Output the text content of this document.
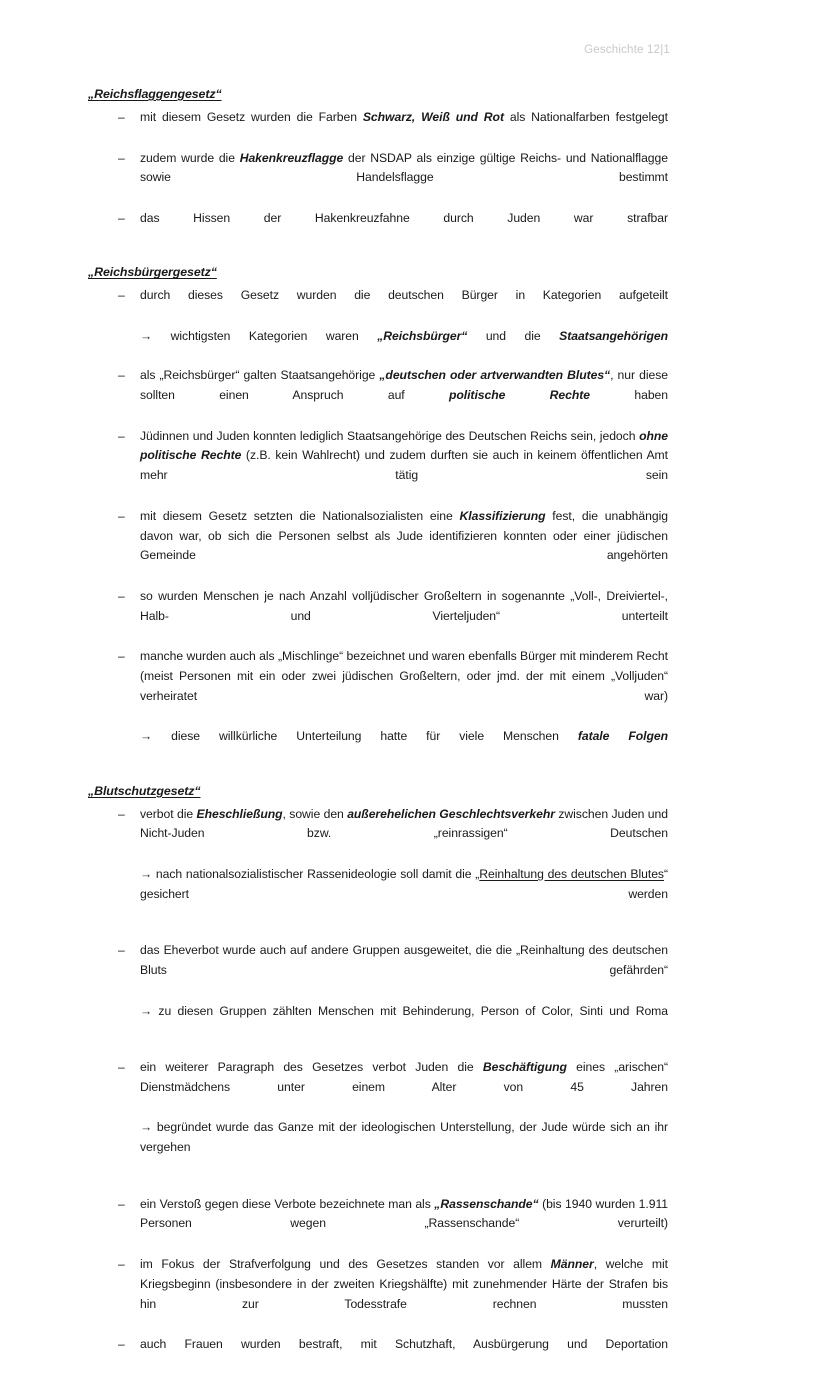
Geschichte 12|1
„Reichsflaggengesetz“
– mit diesem Gesetz wurden die Farben Schwarz, Weiß und Rot als Nationalfarben festgelegt
– zudem wurde die Hakenkreuzflagge der NSDAP als einzige gültige Reichs- und Nationalflagge sowie Handelsflagge bestimmt
– das Hissen der Hakenkreuzfahne durch Juden war strafbar
„Reichsbürgergesetz“
– durch dieses Gesetz wurden die deutschen Bürger in Kategorien aufgeteilt
→ wichtigsten Kategorien waren „Reichsbürger“ und die Staatsangehörigen
– als „Reichsbürger“ galten Staatsangehörige „deutschen oder artverwandten Blutes“, nur diese sollten einen Anspruch auf politische Rechte haben
– Jüdinnen und Juden konnten lediglich Staatsangehörige des Deutschen Reichs sein, jedoch ohne politische Rechte (z.B. kein Wahlrecht) und zudem durften sie auch in keinem öffentlichen Amt mehr tätig sein
– mit diesem Gesetz setzten die Nationalsozialisten eine Klassifizierung fest, die unabhängig davon war, ob sich die Personen selbst als Jude identifizieren konnten oder einer jüdischen Gemeinde angehörten
– so wurden Menschen je nach Anzahl volljüdischer Großeltern in sogenannte „Voll-, Dreiviertel-, Halb- und Vierteljuden“ unterteilt
– manche wurden auch als „Mischlinge“ bezeichnet und waren ebenfalls Bürger mit minderem Recht (meist Personen mit ein oder zwei jüdischen Großeltern, oder jmd. der mit einem „Volljuden“ verheiratet war)
→ diese willkürliche Unterteilung hatte für viele Menschen fatale Folgen
„Blutschutzgesetz“
– verbot die Eheschließung, sowie den außerehelichen Geschlechtsverkehr zwischen Juden und Nicht-Juden bzw. „reinrassigen“ Deutschen
→ nach nationalsozialistischer Rassenideologie soll damit die „Reinhaltung des deutschen Blutes“ gesichert werden
– das Eheverbot wurde auch auf andere Gruppen ausgeweitet, die die „Reinhaltung des deutschen Bluts gefährden“
→ zu diesen Gruppen zählten Menschen mit Behinderung, Person of Color, Sinti und Roma
– ein weiterer Paragraph des Gesetzes verbot Juden die Beschäftigung eines „arischen“ Dienstmädchens unter einem Alter von 45 Jahren
→ begründet wurde das Ganze mit der ideologischen Unterstellung, der Jude würde sich an ihr vergehen
– ein Verstoß gegen diese Verbote bezeichnete man als „Rassenschande“ (bis 1940 wurden 1.911 Personen wegen „Rassenschande“ verurteilt)
– im Fokus der Strafverfolgung und des Gesetzes standen vor allem Männer, welche mit Kriegsbeginn (insbesondere in der zweiten Kriegshälfte) mit zunehmender Härte der Strafen bis hin zur Todesstrafe rechnen mussten
– auch Frauen wurden bestraft, mit Schutzhaft, Ausbürgerung und Deportation
